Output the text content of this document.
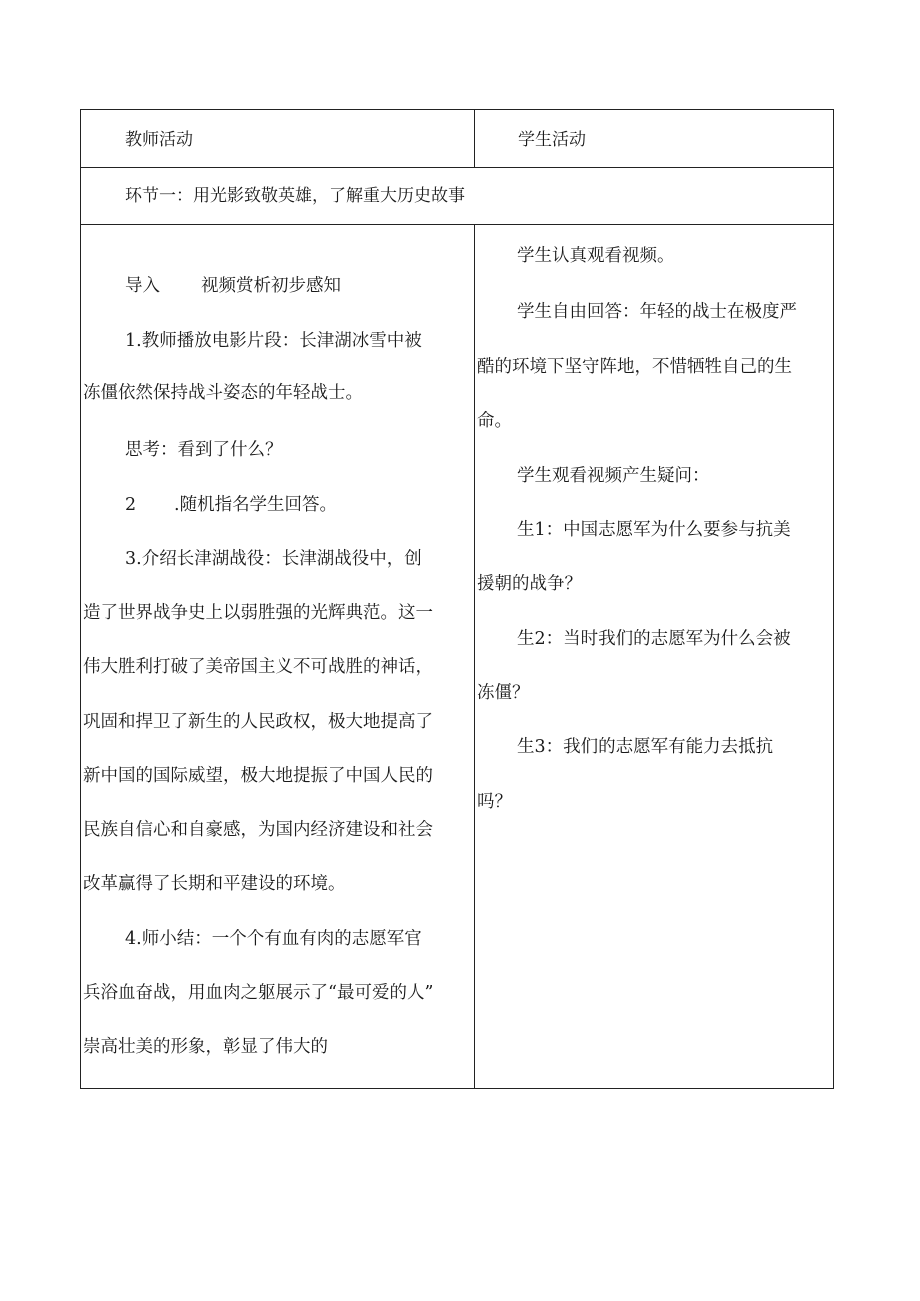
教师活动	学生活动
环节一：用光影致敬英雄，了解重大历史故事
导入 视频赏析初步感知
1.教师播放电影片段：长津湖冰雪中被
冻僵依然保持战斗姿态的年轻战士。
思考：看到了什么？
2 .随机指名学生回答。
3.介绍长津湖战役：长津湖战役中，创
造了世界战争史上以弱胜强的光辉典范。这一
伟大胜利打破了美帝国主义不可战胜的神话，
巩固和捍卫了新生的人民政权，极大地提高了
新中国的国际威望，极大地提振了中国人民的
民族自信心和自豪感，为国内经济建设和社会
改革赢得了长期和平建设的环境。
4.师小结：一个个有血有肉的志愿军官
兵浴血奋战，用血肉之躯展示了“最可爱的人”
崇高壮美的形象，彰显了伟大的
学生认真观看视频。
学生自由回答：年轻的战士在极度严
酷的环境下坚守阵地，不惜牺牲自己的生
命。
学生观看视频产生疑问：
生1：中国志愿军为什么要参与抗美
援朝的战争？
生2：当时我们的志愿军为什么会被
冻僵？
生3：我们的志愿军有能力去抵抗
吗？
